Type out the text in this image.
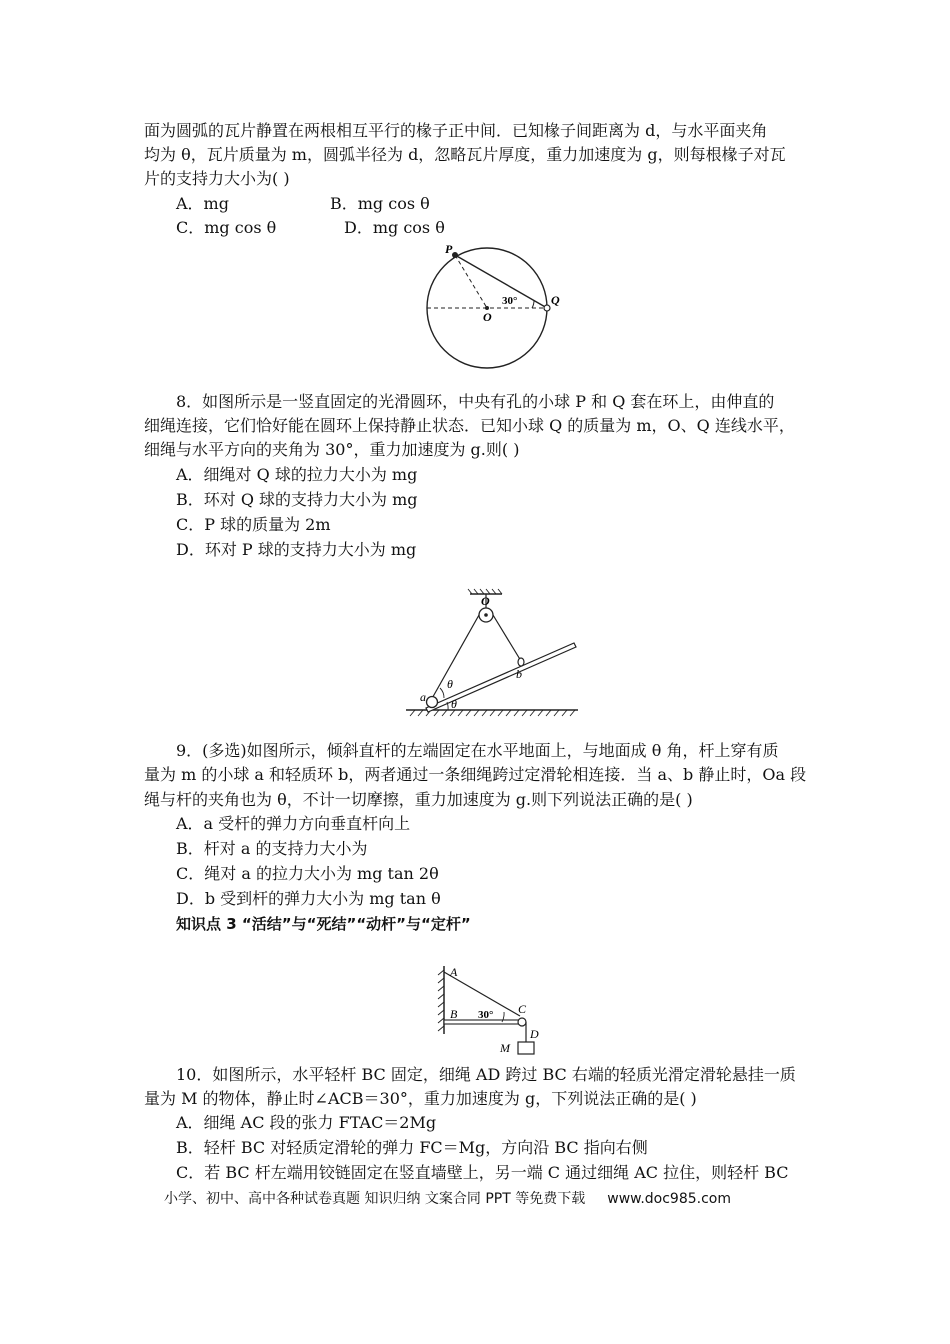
面为圆弧的瓦片静置在两根相互平行的椽子正中间．已知椽子间距离为 d，与水平面夹角
均为 θ，瓦片质量为 m，圆弧半径为 d，忽略瓦片厚度，重力加速度为 g，则每根椽子对瓦
片的支持力大小为( )
A．mg	B．mg cos θ
C．mg cos θ	D．mg cos θ
P
30°	Q
O
8．如图所示是一竖直固定的光滑圆环，中央有孔的小球 P 和 Q 套在环上，由伸直的
细绳连接，它们恰好能在圆环上保持静止状态．已知小球 Q 的质量为 m，O、Q 连线水平，
细绳与水平方向的夹角为 30°，重力加速度为 g.则( )
A．细绳对 Q 球的拉力大小为 mg
B．环对 Q 球的支持力大小为 mg
C．P 球的质量为 2m
D．环对 P 球的支持力大小为 mg
O
b
θ
a θ
9．(多选)如图所示，倾斜直杆的左端固定在水平地面上，与地面成 θ 角，杆上穿有质
量为 m 的小球 a 和轻质环 b，两者通过一条细绳跨过定滑轮相连接．当 a、b 静止时，Oa 段
绳与杆的夹角也为 θ，不计一切摩擦，重力加速度为 g.则下列说法正确的是( )
A．a 受杆的弹力方向垂直杆向上
B．杆对 a 的支持力大小为
C．绳对 a 的拉力大小为 mg tan 2θ
D．b 受到杆的弹力大小为 mg tan θ
知识点 3 “活结”与“死结”“动杆”与“定杆”
A
B 30° C
D
M
10．如图所示，水平轻杆 BC 固定，细绳 AD 跨过 BC 右端的轻质光滑定滑轮悬挂一质
量为 M 的物体，静止时∠ACB＝30°，重力加速度为 g，下列说法正确的是( )
A．细绳 AC 段的张力 FTAC＝2Mg
B．轻杆 BC 对轻质定滑轮的弹力 FC＝Mg，方向沿 BC 指向右侧
C．若 BC 杆左端用铰链固定在竖直墙壁上，另一端 C 通过细绳 AC 拉住，则轻杆 BC
小学、初中、高中各种试卷真题 知识归纳 文案合同 PPT 等免费下载 www.doc985.com
